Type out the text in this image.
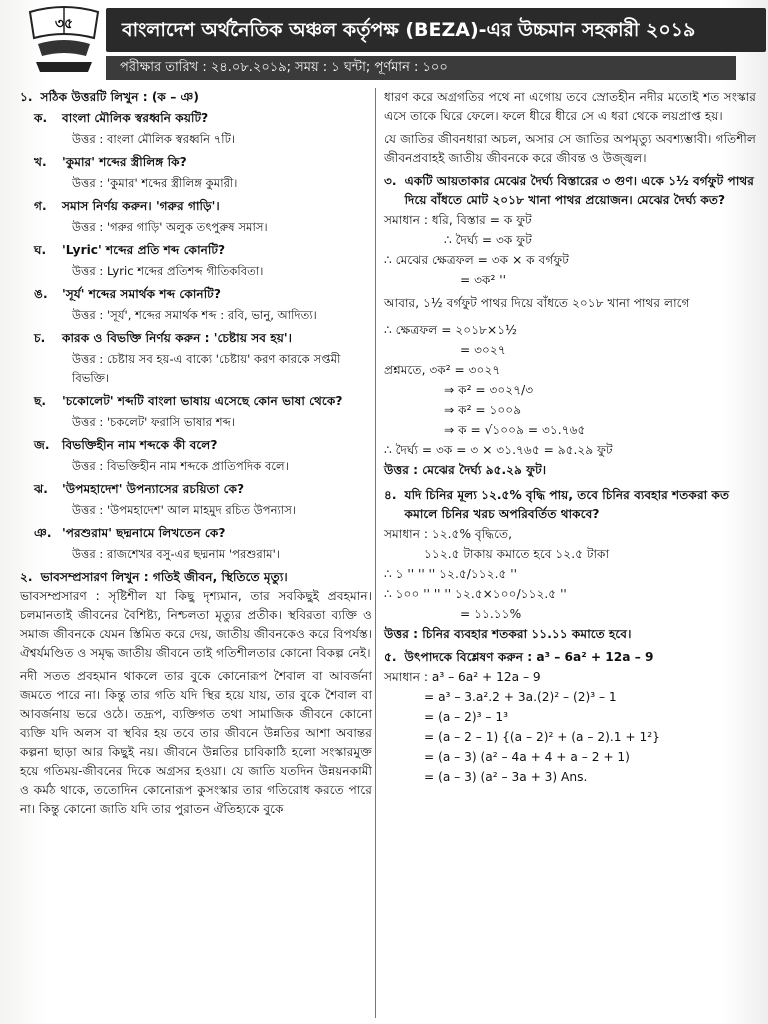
৩৫	বাংলাদেশ অর্থনৈতিক অঞ্চল কর্তৃপক্ষ (BEZA)-এর উচ্চমান সহকারী ২০১৯
পরীক্ষার তারিখ : ২৪.০৮.২০১৯; সময় : ১ ঘন্টা; পূর্ণমান : ১০০
১. সঠিক উত্তরটি লিখুন : (ক – ঞ)
ক.	বাংলা মৌলিক স্বরধ্বনি কয়টি?
উত্তর : বাংলা মৌলিক স্বরধ্বনি ৭টি।
খ.	'কুমার' শব্দের স্ত্রীলিঙ্গ কি?
উত্তর : 'কুমার' শব্দের স্ত্রীলিঙ্গ কুমারী।
গ.	সমাস নির্ণয় করুন। 'গরুর গাড়ি'।
উত্তর : 'গরুর গাড়ি' অলুক তৎপুরুষ সমাস।
ঘ.	'Lyric' শব্দের প্রতি শব্দ কোনটি?
উত্তর : Lyric শব্দের প্রতিশব্দ গীতিকবিতা।
ঙ.	'সূর্য' শব্দের সমার্থক শব্দ কোনটি?
উত্তর : 'সূর্য', শব্দের সমার্থক শব্দ : রবি, ভানু, আদিত্য।
চ.	কারক ও বিভক্তি নির্ণয় করুন : 'চেষ্টায় সব হয়'।
উত্তর : চেষ্টায় সব হয়-এ বাক্যে 'চেষ্টায়' করণ কারকে সপ্তমী বিভক্তি।
ছ.	'চকোলেট' শব্দটি বাংলা ভাষায় এসেছে কোন ভাষা থেকে?
উত্তর : 'চকলেট' ফরাসি ভাষার শব্দ।
জ.	বিভক্তিহীন নাম শব্দকে কী বলে?
উত্তর : বিভক্তিহীন নাম শব্দকে প্রাতিপদিক বলে।
ঝ.	'উপমহাদেশ' উপন্যাসের রচয়িতা কে?
উত্তর : 'উপমহাদেশ' আল মাহমুদ রচিত উপন্যাস।
ঞ. 'পরশুরাম' ছদ্মনামে লিখতেন কে?
উত্তর : রাজশেখর বসু-এর ছদ্মনাম 'পরশুরাম'।
২. ভাবসম্প্রসারণ লিখুন : গতিই জীবন, স্থিতিতে মৃত্যু।

ভাবসম্প্রসারণ : সৃষ্টিশীল যা কিছু দৃশ্যমান, তার সবকিছুই প্রবহমান। চলমানতাই জীবনের বৈশিষ্ট্য, নিশ্চলতা মৃত্যুর প্রতীক। স্থবিরতা ব্যক্তি ও সমাজ জীবনকে যেমন স্তিমিত করে দেয়, জাতীয় জীবনকেও করে বিপর্যস্ত। ঐশ্বর্যমণ্ডিত ও সমৃদ্ধ জাতীয় জীবনে তাই গতিশীলতার কোনো বিকল্প নেই।

নদী সতত প্রবহমান থাকলে তার বুকে কোনোরূপ শৈবাল বা আবর্জনা জমতে পারে না। কিন্তু তার গতি যদি স্থির হয়ে যায়, তার বুকে শৈবাল বা আবর্জনায় ভরে ওঠে। তদ্রূপ, ব্যক্তিগত তথা সামাজিক জীবনে কোনো ব্যক্তি যদি অলস বা স্থবির হয় তবে তার জীবনে উন্নতির আশা অবান্তর কল্পনা ছাড়া আর কিছুই নয়। জীবনে উন্নতির চাবিকাঠি হলো সংস্কারমুক্ত হয়ে গতিময়-জীবনের দিকে অগ্রসর হওয়া। যে জাতি যতদিন উন্নয়নকামী ও কর্মঠ থাকে, ততোদিন কোনোরূপ কুসংস্কার তার গতিরোধ করতে পারে না। কিন্তু কোনো জাতি যদি তার পুরাতন ঐতিহ্যকে বুকে

ধারণ করে অগ্রগতির পথে না এগোয় তবে স্রোতহীন নদীর মতোই শত সংস্কার এসে তাকে ঘিরে ফেলে। ফলে ধীরে ধীরে সে এ ধরা থেকে লয়প্রাপ্ত হয়।

যে জাতির জীবনধারা অচল, অসার সে জাতির অপমৃত্যু অবশ্যম্ভাবী। গতিশীল জীবনপ্রবাহই জাতীয় জীবনকে করে জীবন্ত ও উজ্জ্বল।

৩. একটি আয়তাকার মেঝের দৈর্ঘ্য বিস্তারের ৩ গুণ। একে ১½ বর্গফুট পাথর দিয়ে বাঁধতে মোট ২০১৮ খানা পাথর প্রয়োজন। মেঝের দৈর্ঘ্য কত?
সমাধান : ধরি, বিস্তার = ক ফুট
∴ দৈর্ঘ্য = ৩ক ফুট
∴ মেঝের ক্ষেত্রফল = ৩ক × ক বর্গফুট
= ৩ক² ''
আবার, ১½ বর্গফুট পাথর দিয়ে বাঁধতে ২০১৮ খানা পাথর লাগে
∴ ক্ষেত্রফল = ২০১৮×১½
= ৩০২৭
প্রশ্নমতে, ৩ক² = ৩০২৭
⇒ ক² = ৩০২৭/৩
⇒ ক² = ১০০৯
⇒ ক = √১০০৯ = ৩১.৭৬৫
∴ দৈর্ঘ্য = ৩ক = ৩ × ৩১.৭৬৫ = ৯৫.২৯ ফুট
উত্তর : মেঝের দৈর্ঘ্য ৯৫.২৯ ফুট।
৪. যদি চিনির মূল্য ১২.৫% বৃদ্ধি পায়, তবে চিনির ব্যবহার শতকরা কত কমালে চিনির খরচ অপরিবর্তিত থাকবে?
সমাধান : ১২.৫% বৃদ্ধিতে,
১১২.৫ টাকায় কমাতে হবে ১২.৫ টাকা
∴ ১ '' '' '' ১২.৫/১১২.৫ ''
∴ ১০০ '' '' '' ১২.৫×১০০/১১২.৫ ''
= ১১.১১%
উত্তর : চিনির ব্যবহার শতকরা ১১.১১ কমাতে হবে।
৫. উৎপাদকে বিশ্লেষণ করুন : a³ – 6a² + 12a – 9
সমাধান : a³ – 6a² + 12a – 9
= a³ – 3.a².2 + 3a.(2)² – (2)³ – 1
= (a – 2)³ – 1³
= (a – 2 – 1) {(a – 2)² + (a – 2).1 + 1²}
= (a – 3) (a² – 4a + 4 + a – 2 + 1)
= (a – 3) (a² – 3a + 3) Ans.
